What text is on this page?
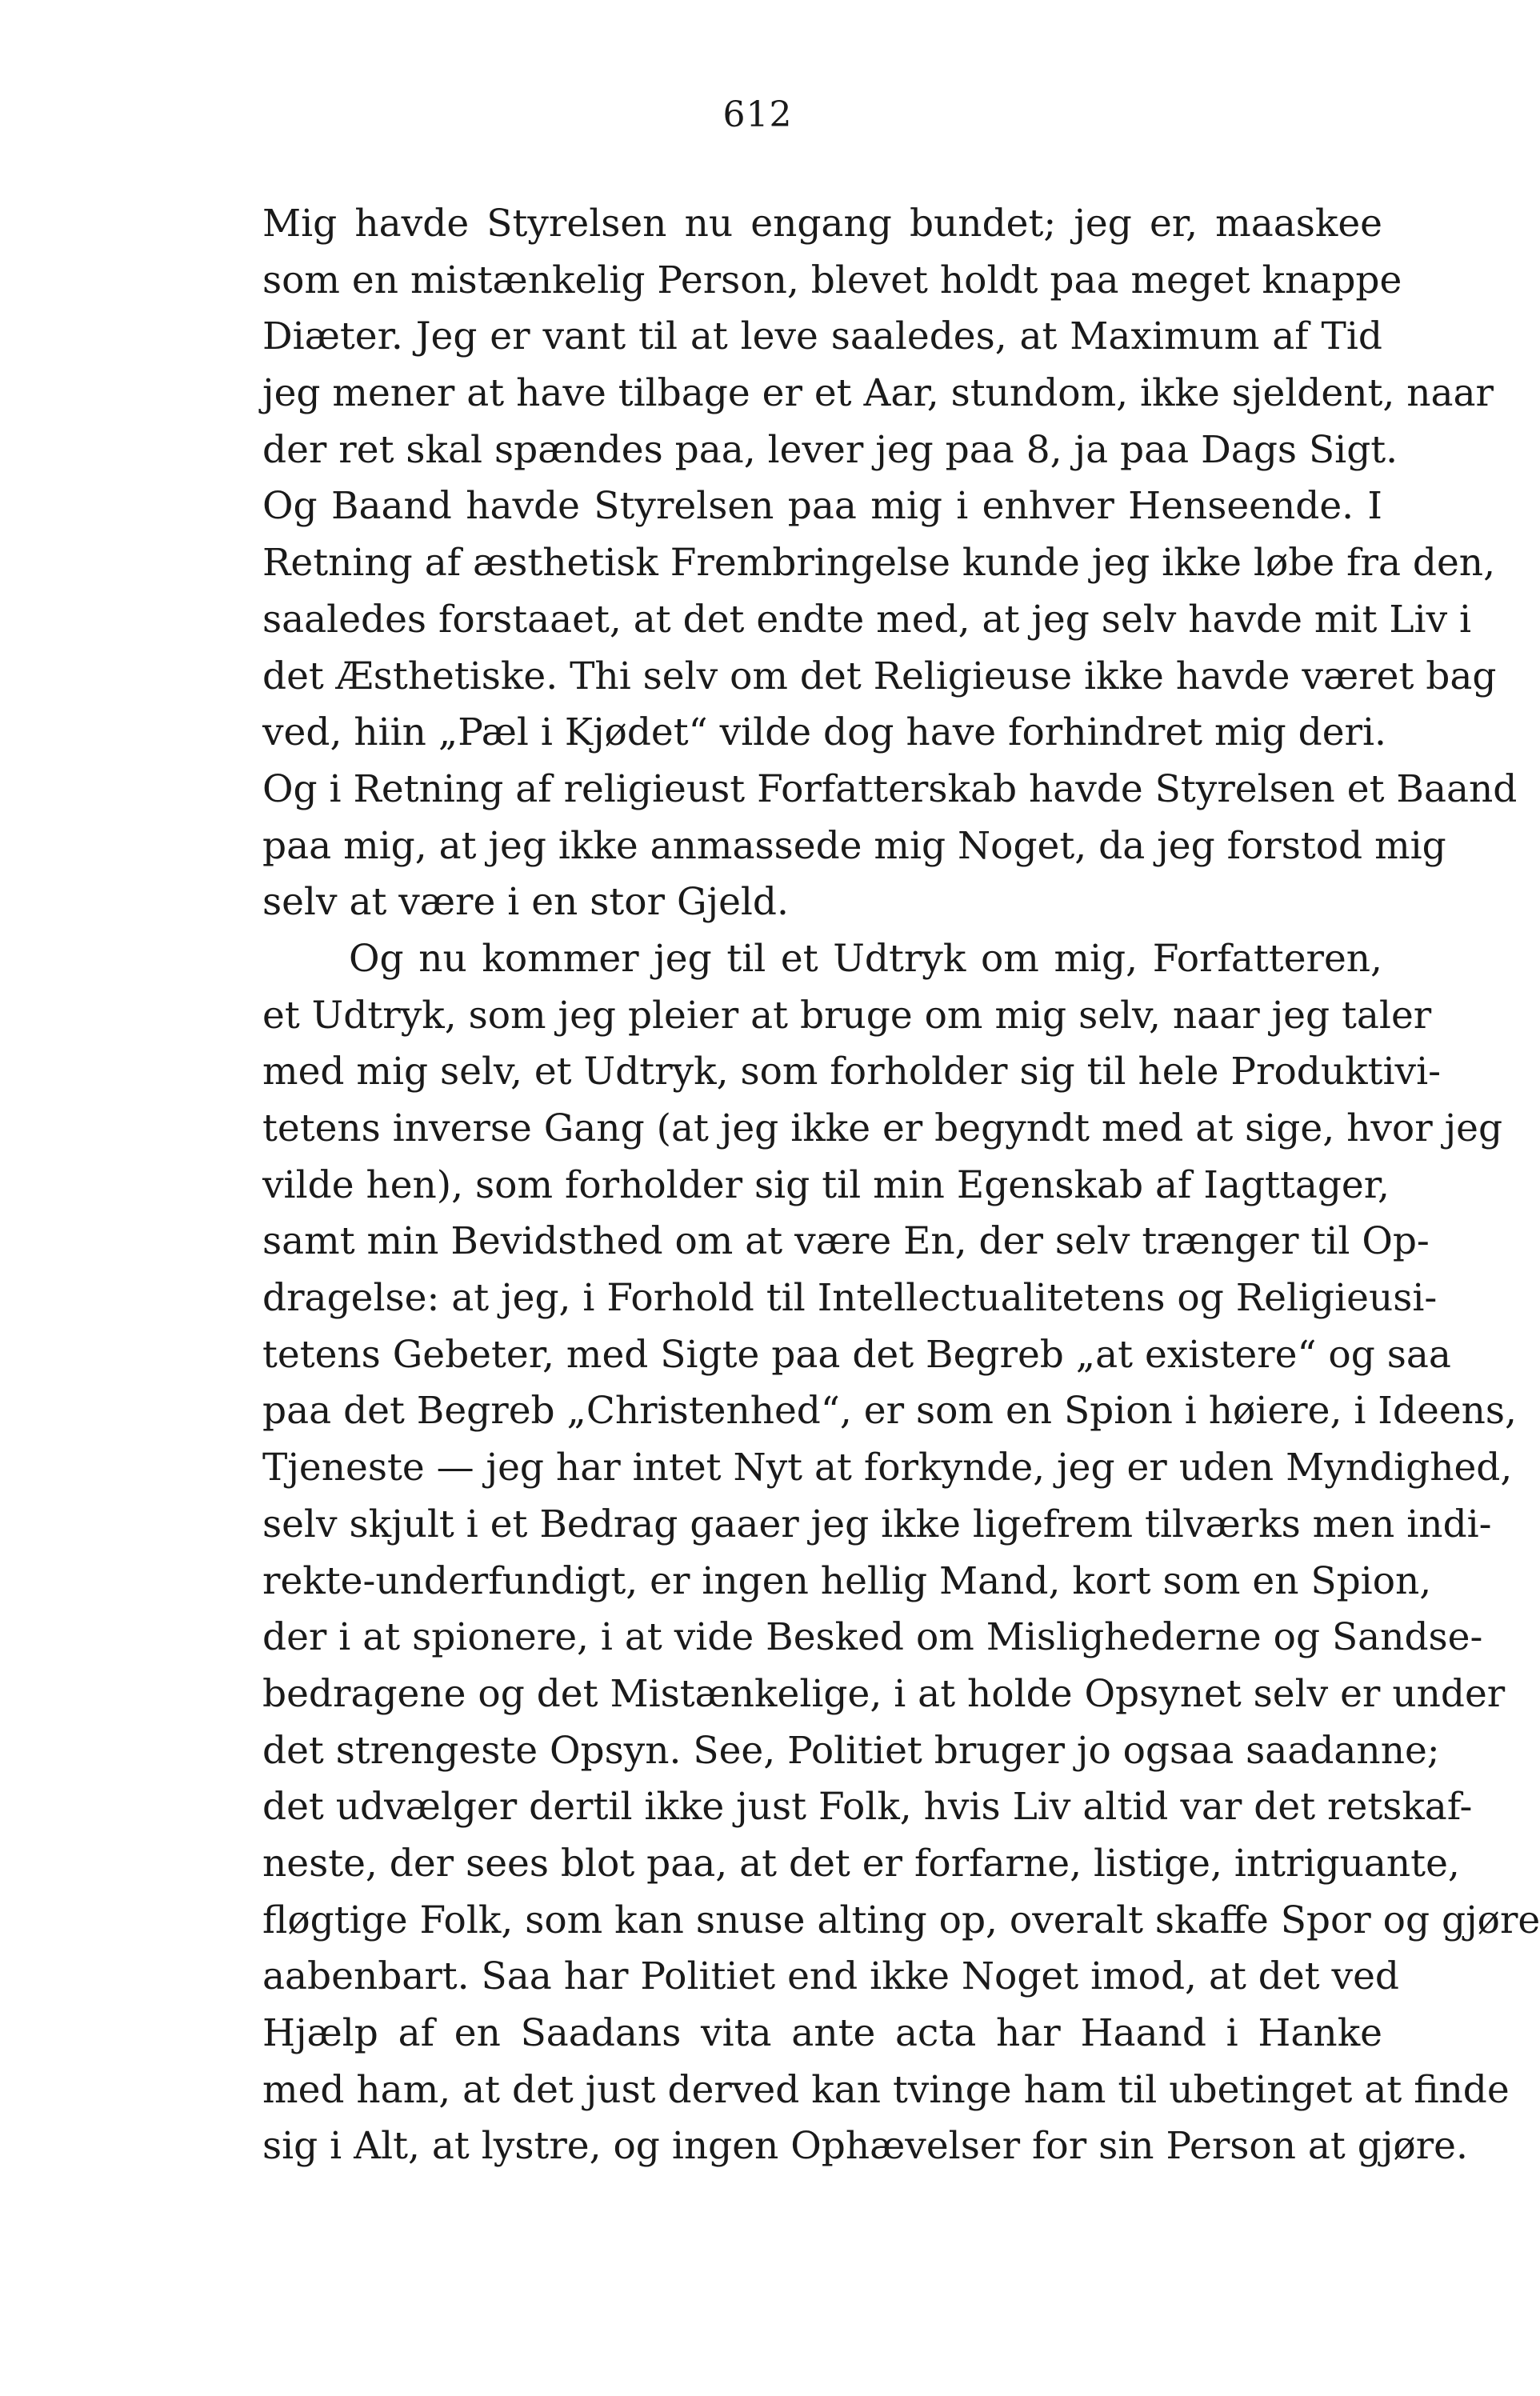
612
Mig havde Styrelsen nu engang bundet; jeg er, maaskee
som en mistænkelig Person, blevet holdt paa meget knappe
Diæter. Jeg er vant til at leve saaledes, at Maximum af Tid
jeg mener at have tilbage er et Aar, stundom, ikke sjeldent, naar
der ret skal spændes paa, lever jeg paa 8, ja paa Dags Sigt.
Og Baand havde Styrelsen paa mig i enhver Henseende. I
Retning af æsthetisk Frembringelse kunde jeg ikke løbe fra den,
saaledes forstaaet, at det endte med, at jeg selv havde mit Liv i
det Æsthetiske. Thi selv om det Religieuse ikke havde været bag
ved, hiin „Pæl i Kjødet“ vilde dog have forhindret mig deri.
Og i Retning af religieust Forfatterskab havde Styrelsen et Baand
paa mig, at jeg ikke anmassede mig Noget, da jeg forstod mig
selv at være i en stor Gjeld.
Og nu kommer jeg til et Udtryk om mig, Forfatteren,
et Udtryk, som jeg pleier at bruge om mig selv, naar jeg taler
med mig selv, et Udtryk, som forholder sig til hele Produktivi-
tetens inverse Gang (at jeg ikke er begyndt med at sige, hvor jeg
vilde hen), som forholder sig til min Egenskab af Iagttager,
samt min Bevidsthed om at være En, der selv trænger til Op-
dragelse: at jeg, i Forhold til Intellectualitetens og Religieusi-
tetens Gebeter, med Sigte paa det Begreb „at existere“ og saa
paa det Begreb „Christenhed“, er som en Spion i høiere, i Ideens,
Tjeneste — jeg har intet Nyt at forkynde, jeg er uden Myndighed,
selv skjult i et Bedrag gaaer jeg ikke ligefrem tilværks men indi-
rekte-underfundigt, er ingen hellig Mand, kort som en Spion,
der i at spionere, i at vide Besked om Mislighederne og Sandse-
bedragene og det Mistænkelige, i at holde Opsynet selv er under
det strengeste Opsyn. See, Politiet bruger jo ogsaa saadanne;
det udvælger dertil ikke just Folk, hvis Liv altid var det retskaf-
neste, der sees blot paa, at det er forfarne, listige, intriguante,
fløgtige Folk, som kan snuse alting op, overalt skaffe Spor og gjøre
aabenbart. Saa har Politiet end ikke Noget imod, at det ved
Hjælp af en Saadans vita ante acta har Haand i Hanke
med ham, at det just derved kan tvinge ham til ubetinget at finde
sig i Alt, at lystre, og ingen Ophævelser for sin Person at gjøre.
